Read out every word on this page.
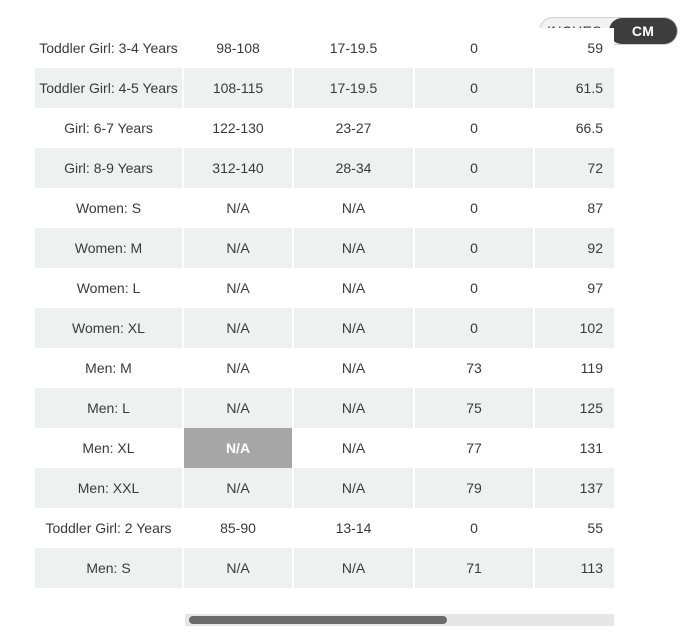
CM
Toddler Girl: 3-4 Years	98-108	17-19.5	0	59
Toddler Girl: 4-5 Years	108-115	17-19.5	0	61.5
Girl: 6-7 Years	122-130	23-27	0	66.5
Girl: 8-9 Years	312-140	28-34	0	72
Women: S	N/A	N/A	0	87
Women: M	N/A	N/A	0	92
Women: L	N/A	N/A	0	97
Women: XL	N/A	N/A	0	102
Men: M	N/A	N/A	73	119
Men: L	N/A	N/A	75	125
Men: XL	N/A	N/A	77	131
Men: XXL	N/A	N/A	79	137
Toddler Girl: 2 Years	85-90	13-14	0	55
Men: S	N/A	N/A	71	113
